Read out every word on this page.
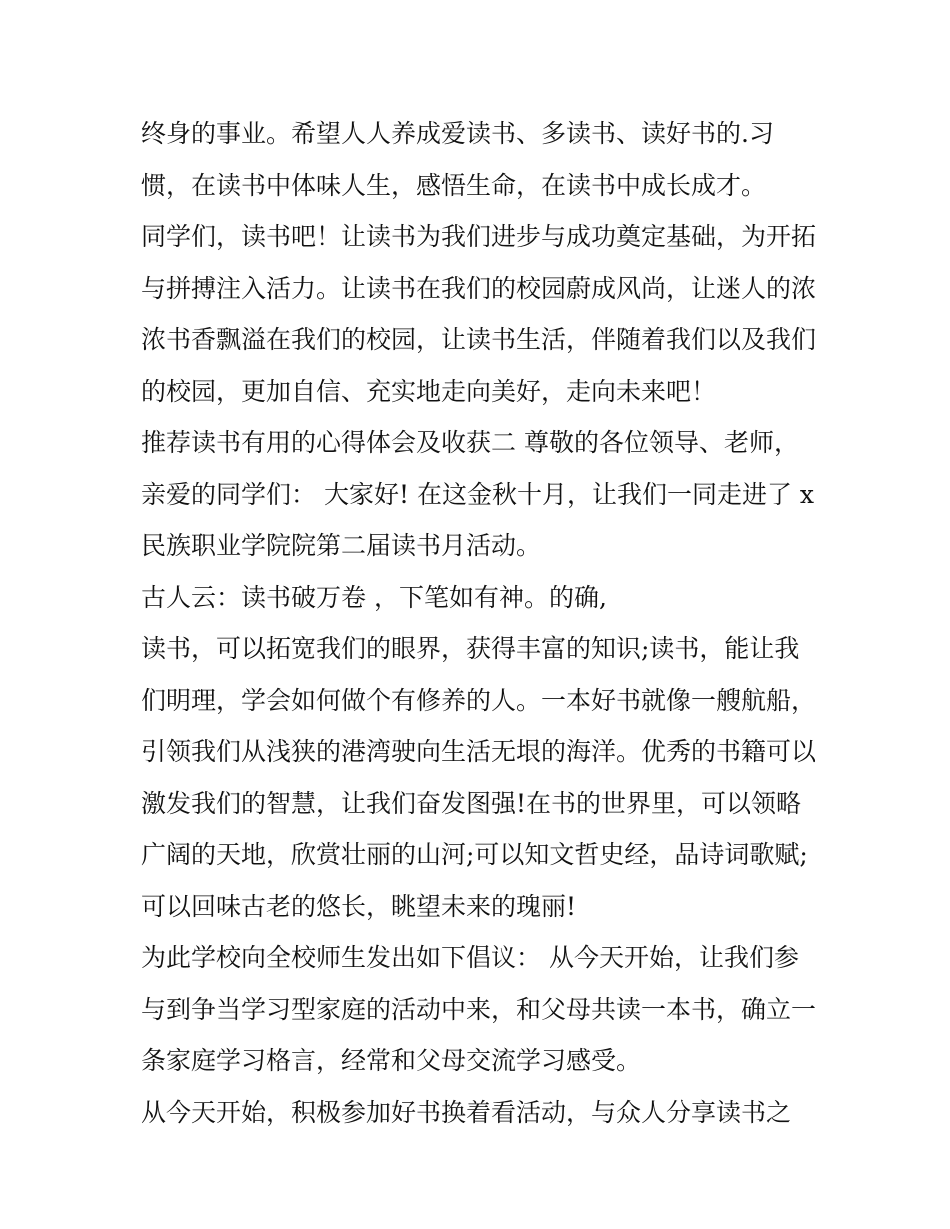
终身的事业。希望人人养成爱读书、多读书、读好书的.习
惯，在读书中体味人生，感悟生命，在读书中成长成才。
同学们，读书吧！让读书为我们进步与成功奠定基础，为开拓
与拼搏注入活力。让读书在我们的校园蔚成风尚，让迷人的浓
浓书香飘溢在我们的校园，让读书生活，伴随着我们以及我们
的校园，更加自信、充实地走向美好，走向未来吧！
推荐读书有用的心得体会及收获二 尊敬的各位领导、老师，
亲爱的同学们： 大家好! 在这金秋十月，让我们一同走进了 x
民族职业学院院第二届读书月活动。
古人云：读书破万卷 ，下笔如有神。的确,
读书，可以拓宽我们的眼界，获得丰富的知识;读书，能让我
们明理，学会如何做个有修养的人。一本好书就像一艘航船，
引领我们从浅狭的港湾驶向生活无垠的海洋。优秀的书籍可以
激发我们的智慧，让我们奋发图强!在书的世界里，可以领略
广阔的天地，欣赏壮丽的山河;可以知文哲史经，品诗词歌赋;
可以回味古老的悠长，眺望未来的瑰丽!
为此学校向全校师生发出如下倡议： 从今天开始，让我们参
与到争当学习型家庭的活动中来，和父母共读一本书，确立一
条家庭学习格言，经常和父母交流学习感受。
从今天开始，积极参加好书换着看活动，与众人分享读书之
